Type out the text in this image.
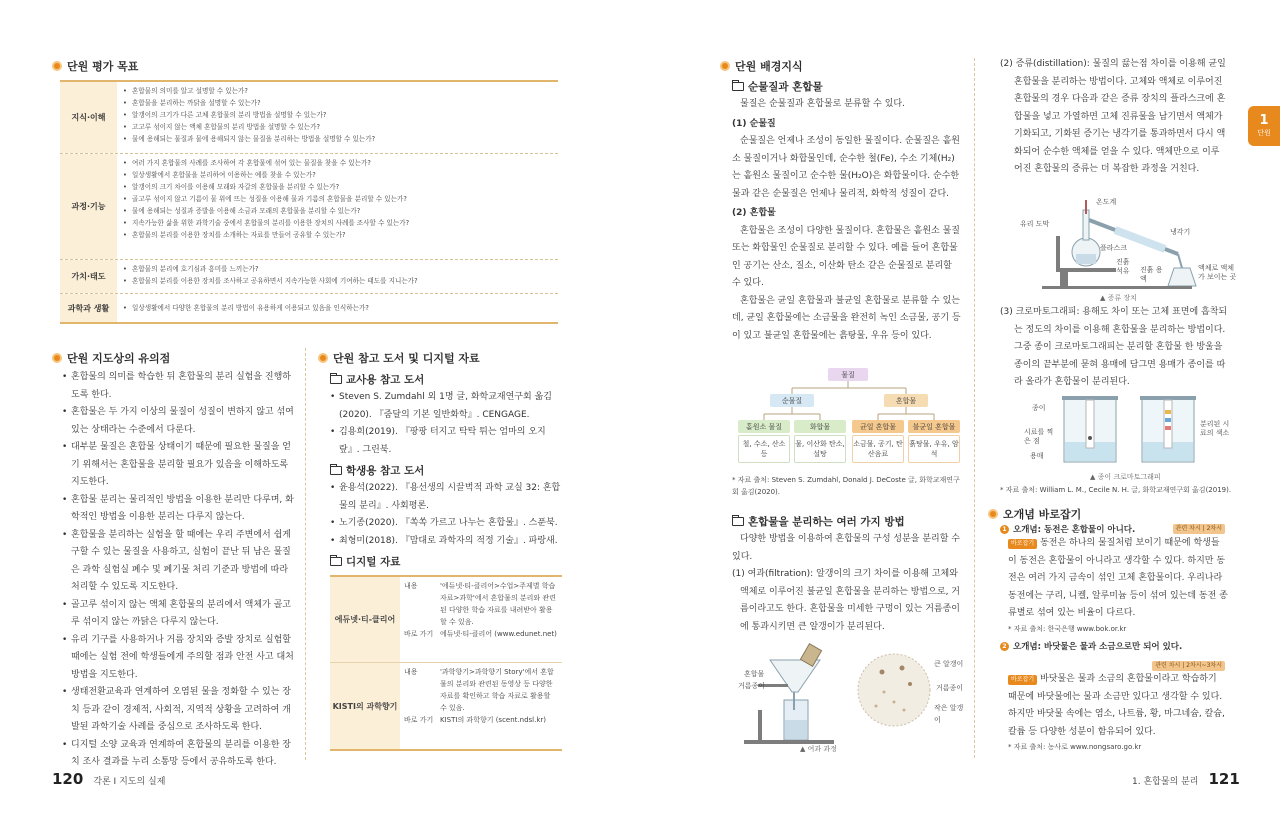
단원 평가 목표
지식·이해
• 혼합물의 의미를 알고 설명할 수 있는가?
• 혼합물을 분리하는 까닭을 설명할 수 있는가?
• 알갱이의 크기가 다른 고체 혼합물의 분리 방법을 설명할 수 있는가?
• 고고루 섞이지 않는 액체 혼합물의 분리 방법을 설명할 수 있는가?
• 물에 용해되는 물질과 물에 용해되지 않는 물질을 분리하는 방법을 설명할 수 있는가?
과정·기능
• 여러 가지 혼합물의 사례를 조사하여 각 혼합물에 섞여 있는 물질을 찾을 수 있는가?
• 일상생활에서 혼합물을 분리하여 이용하는 예를 찾을 수 있는가?
• 알갱이의 크기 차이를 이용해 모래와 자갈의 혼합물을 분리할 수 있는가?
• 골고루 섞이지 않고 기름이 물 위에 뜨는 성질을 이용해 물과 기름의 혼합물을 분리할 수 있는가?
• 물에 용해되는 성질과 증발을 이용해 소금과 모래의 혼합물을 분리할 수 있는가?
• 지속가능한 삶을 위한 과학기술 중에서 혼합물의 분리를 이용한 장치의 사례를 조사할 수 있는가?
• 혼합물의 분리를 이용한 장치를 소개하는 자료를 만들어 공유할 수 있는가?
가치·태도
• 혼합물의 분리에 호기심과 흥미를 느끼는가?
• 혼합물의 분리를 이용한 장치를 조사하고 공유하면서 지속가능한 사회에 기여하는 태도를 지니는가?
과학과 생활
•	일상생활에서 다양한 혼합물의 분리 방법이 유용하게 이용되고 있음을 인식하는가?
단원 지도상의 유의점
• 혼합물의 의미를 학습한 뒤 혼합물의 분리 실험을 진행하도록 한다.
• 혼합물은 두 가지 이상의 물질이 성질이 변하지 않고 섞여 있는 상태라는 수준에서 다룬다.
• 대부분 물질은 혼합물 상태이기 때문에 필요한 물질을 얻기 위해서는 혼합물을 분리할 필요가 있음을 이해하도록 지도한다.
• 혼합물 분리는 물리적인 방법을 이용한 분리만 다루며, 화학적인 방법을 이용한 분리는 다루지 않는다.
• 혼합물을 분리하는 실험을 할 때에는 우리 주변에서 쉽게 구할 수 있는 물질을 사용하고, 실험이 끝난 뒤 남은 물질은 과학 실험실 폐수 및 폐기물 처리 기준과 방법에 따라 처리할 수 있도록 지도한다.
• 골고루 섞이지 않는 액체 혼합물의 분리에서 액체가 골고루 섞이지 않는 까닭은 다루지 않는다.
• 유리 기구를 사용하거나 거름 장치와 증발 장치로 실험할 때에는 실험 전에 학생들에게 주의할 점과 안전 사고 대처 방법을 지도한다.
• 생태전환교육과 연계하여 오염된 물을 정화할 수 있는 장치 등과 같이 경제적, 사회적, 지역적 상황을 고려하여 개발된 과학기술 사례를 중심으로 조사하도록 한다.
• 디지털 소양 교육과 연계하여 혼합물의 분리를 이용한 장치 조사 결과를 누리 소통망 등에서 공유하도록 한다.
단원 참고 도서 및 디지털 자료
교사용 참고 도서
• Steven S. Zumdahl 외 1명 글, 화학교재연구회 옮김(2020). 『줌달의 기본 일반화학』. CENGAGE.
• 김용희(2019). 『팡팡 터지고 탁탁 튀는 엄마의 오지랖』. 그린북.
학생용 참고 도서
• 윤용석(2022). 『용선생의 시끌벅적 과학 교실 32: 혼합물의 분리』. 사회평론.
• 노기종(2020). 『쏙쏙 가르고 나누는 혼합물』. 스푼북.
• 최형미(2018). 『맘대로 과학자의 적정 기술』. 파랑새.
디지털 자료
에듀넷·티-클리어
내용	'에듀넷·티-클리어>수업>주제별 학습자료>과학'에서 혼합물의 분리와 관련된 다양한 학습 자료를 내려받아 활용할 수 있음.
바로 가기 에듀넷·티-클리어 (www.edunet.net)
KISTI의 과학향기
내용	'과학향기>과학향기 Story'에서 혼합물의 분리와 관련된 동영상 등 다양한 자료를 확인하고 학습 자료로 활용할 수 있음.
바로 가기 KISTI의 과학향기 (scent.ndsl.kr)
120 각론 Ⅰ 지도의 실제
단원 배경지식
순물질과 혼합물
물질은 순물질과 혼합물로 분류할 수 있다.
(1) 순물질
순물질은 언제나 조성이 동일한 물질이다. 순물질은 홑원소 물질이거나 화합물인데, 순수한 철(Fe), 수소 기체(H₂)는 홑원소 물질이고 순수한 물(H₂O)은 화합물이다. 순수한 물과 같은 순물질은 언제나 물리적, 화학적 성질이 같다.
(2) 혼합물
혼합물은 조성이 다양한 물질이다. 혼합물은 홑원소 물질 또는 화합물인 순물질로 분리할 수 있다. 예를 들어 혼합물인 공기는 산소, 질소, 이산화 탄소 같은 순물질로 분리할 수 있다.
혼합물은 균일 혼합물과 불균일 혼합물로 분류할 수 있는데, 균일 혼합물에는 소금물을 완전히 녹인 소금물, 공기 등이 있고 불균일 혼합물에는 흙탕물, 우유 등이 있다.
물질
순물질	혼합물
홑원소 물질	화합물	균일 혼합물	불균일 혼합물
철, 수소, 산소 등
물, 이산화 탄소, 설탕
소금물, 공기, 탄산음료
흙탕물, 우유, 암석
* 자료 출처: Steven S. Zumdahl, Donald J. DeCoste 글, 화학교재연구회 옮김(2020).
혼합물을 분리하는 여러 가지 방법
다양한 방법을 이용하여 혼합물의 구성 성분을 분리할 수 있다.
(1) 여과(filtration): 알갱이의 크기 차이를 이용해 고체와 액체로 이루어진 불균일 혼합물을 분리하는 방법으로, 거름이라고도 한다. 혼합물을 미세한 구멍이 있는 거름종이에 통과시키면 큰 알갱이가 분리된다.
혼합물
거름종이
큰 알갱이
거름종이
작은 알갱이
▲ 여과 과정
(2) 증류(distillation): 물질의 끓는점 차이를 이용해 균일 혼합물을 분리하는 방법이다. 고체와 액체로 이루어진 혼합물의 경우 다음과 같은 증류 장치의 플라스크에 혼합물을 넣고 가열하면 고체 진류물을 남기면서 액체가 기화되고, 기화된 증기는 냉각기를 통과하면서 다시 액화되어 순수한 액체를 얻을 수 있다. 액체만으로 이루어진 혼합물의 증류는 더 복잡한 과정을 거친다.
온도계
유리 도막
냉각기
플라스크
진흙 석유	진흙 용액
액체로 액체가 보이는 곳
▲ 증류 장치
(3) 크로마토그래피: 용해도 차이 또는 고체 표면에 흡착되는 정도의 차이를 이용해 혼합물을 분리하는 방법이다. 그중 종이 크로마토그래피는 분리할 혼합물 한 방울을 종이의 끝부분에 묻혀 용매에 담그면 용매가 종이를 따라 올라가 혼합물이 분리된다.
종이
시료를 찍은 점
용매
분리된 시료의 색소
▲ 종이 크로마토그래피
* 자료 출처: William L. M., Cecile N. H. 글, 화학교재연구회 옮김(2019).
오개념 바로잡기
1 오개념: 동전은 혼합물이 아니다.	관련 차시 | 2차시
바로잡기 동전은 하나의 물질처럼 보이기 때문에 학생들이 동전은 혼합물이 아니라고 생각할 수 있다. 하지만 동전은 여러 가지 금속이 섞인 고체 혼합물이다. 우리나라 동전에는 구리, 니켈, 알루미늄 등이 섞여 있는데 동전 종류별로 섞여 있는 비율이 다르다.
* 자료 출처: 한국은행 www.bok.or.kr
2 오개념: 바닷물은 물과 소금으로만 되어 있다.
관련 차시 | 2차시~3차시
바로잡기 바닷물은 물과 소금의 혼합물이라고 학습하기 때문에 바닷물에는 물과 소금만 있다고 생각할 수 있다. 하지만 바닷물 속에는 염소, 나트륨, 황, 마그네슘, 칼슘, 칼륨 등 다양한 성분이 함유되어 있다.
* 자료 출처: 농사로 www.nongsaro.go.kr
1
단원
1. 혼합물의 분리 121
